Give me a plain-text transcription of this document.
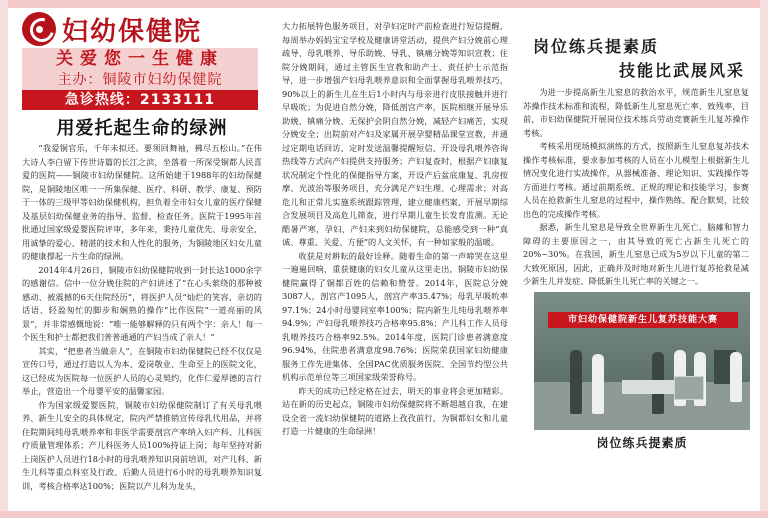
妇幼保健院
关爱您一生健康
主办：铜陵市妇幼保健院
急诊热线：2133111
用爱托起生命的绿洲

“我爱铜官乐，千年未拟还。要须回舞袖，拂尽五松山。”在伟大诗人李白留下传世诗篇的长江之滨，坐落着一所深受铜都人民喜爱的医院——铜陵市妇幼保健院。这所始建于1988年的妇幼保健院，是铜陵地区唯一一所集保健、医疗、科研、教学、康复、预防于一体的三级甲等妇幼保健机构，担负着全市妇女儿童的医疗保健及基层妇幼保健业务的指导、监督、检查任务。医院于1995年首批通过国家级爱婴医院评审，多年来，秉持儿童优先、母亲安全，用诚挚的爱心、精湛的技术和人性化的服务，为铜陵地区妇女儿童的健康撑起一片生命的绿洲。

2014年4月26日，铜陵市妇幼保健院收到一封长达1000余字的感谢信。信中一位分娩住院的产妇讲述了“在心头萦绕的那种被感动、被震撼的6天住院经历”，将医护人员“灿烂的笑容、亲切的话语、轻盈匆忙的脚步和娴熟的操作”比作医院“一道亮丽的风景”，并非常感慨地说：“唯一能够解释的只有两个字：亲人！每一个医生和护士都把我们普普通通的产妇当成了亲人！”

其实，“把患者当做亲人”，在铜陵市妇幼保健院已经不仅仅是宣传口号，通过打造以人为本、爱岗敬业、生命至上的医院文化，这已经成为医院每一位医护人员的心灵契约，化作仁爱厚德的言行举止，营造出一个母婴平安的温馨家园。

作为国家级爱婴医院，铜陵市妇幼保健院制订了有关母乳喂养、新生儿安全的具体规定，院内严禁推销宣传母乳代用品，并将住院期间纯母乳喂养率和非医学需要剖宫产率纳入妇产科、儿科医疗质量管理体系；产儿科医务人员100%持证上岗；每年坚持对新上岗医护人员进行18小时的母乳喂养知识岗前培训，对产儿科、新生儿科等重点科室及行政、后勤人员进行6小时的母乳喂养知识复训，考核合格率达100%；医院以产儿科为龙头，

大力拓展特色服务项目，对孕妇定时产前检查进行短信提醒，每周举办妈妈宝宝学校及健康讲堂活动，提供产妇分娩前心理疏导、母乳喂养、导乐助娩、导乳、镇痛分娩等知识宣教；住院分娩期间，通过主管医生宣教和助产士、责任护士示范指导，进一步增强产妇母乳喂养意识和全面掌握母乳喂养技巧，90%以上的新生儿在生后1小时内与母亲进行皮肤接触并进行早吸吮；为促进自然分娩，降低剖宫产率，医院相继开展导乐助娩、镇痛分娩、无保护会阴自然分娩，减轻产妇痛苦，实现分娩安全；出院前对产妇及家属开展孕婴精品课堂宣教，并通过定期电话回访、定时发送温馨提醒短信、开设母乳喂养咨询热线等方式向产妇提供支持服务；产妇复查时，根据产妇康复状况制定个性化的保健指导方案，开设产后盆底康复、乳房按摩、光波治等服务项目，充分满足产妇生理、心理需求；对高危儿和正常儿实施系统跟踪管理，建立健康档案，开展早期综合发展项目及高危儿筛查，进行早期儿童生长发育监测。无论酷暑严寒，孕妇、产妇来到妇幼保健院，总能感受到一种“真诚、尊重、关爱、方便”的人文关怀，有一种如家般的温暖。

收获是对耕耘的最好诠释。随着生命的第一声啼哭在这里一遍遍回响，重获健康的妇女儿童从这里走出，铜陵市妇幼保健院赢得了铜都百姓的信赖和赞誉。2014年，医院总分娩3087人，剖宫产1095人，剖宫产率35.47%；母乳早吸吮率97.1%；24小时母婴同室率100%；院内新生儿纯母乳喂养率94.9%；产妇母乳喂养技巧合格率95.8%；产儿科工作人员母乳喂养技巧合格率92.5%。2014年度，医院门诊患者满意度96.94%，住院患者满意度98.76%；医院荣获国家妇幼健康服务工作先进集体、全国PAC优质服务医院、全国节约型公共机构示范单位等三项国家级荣誉称号。

昨天的成功已经定格在过去，明天的事业将会更加精彩。站在新的历史起点，铜陵市妇幼保健院将不断超越自我，在建设全省一流妇幼保健院的道路上孜孜前行，为铜都妇女和儿童打造一片健康的生命绿洲！

岗位练兵提素质
技能比武展风采

为进一步提高新生儿窒息的救治水平，规范新生儿窒息复苏操作技术标准和流程，降低新生儿窒息死亡率、致残率，目前，市妇幼保健院开展岗位技术练兵劳动竞赛新生儿复苏操作考核。

考核采用现场模拟演练的方式，按照新生儿窒息复苏技术操作考核标准，要求参加考核的人员在小儿模型上根据新生儿情况变化进行实战操作，从器械准备、理论知识、实践操作等方面进行考核。通过前期系统、正规的理论和技能学习，参赛人员在抢救新生儿窒息的过程中，操作熟练、配合默契，比较出色的完成操作考核。

据悉，新生儿窒息是导致全世界新生儿死亡、脑瘫和智力障碍的主要原因之一，由其导致的死亡占新生儿死亡的20%~30%。在我国，新生儿窒息已成为5岁以下儿童的第二大致死原因，因此，正确并及时地对新生儿进行复苏抢救是减少新生儿并发症、降低新生儿死亡率的关键之一。

市妇幼保健院新生儿复苏技能大赛
岗位练兵提素质
